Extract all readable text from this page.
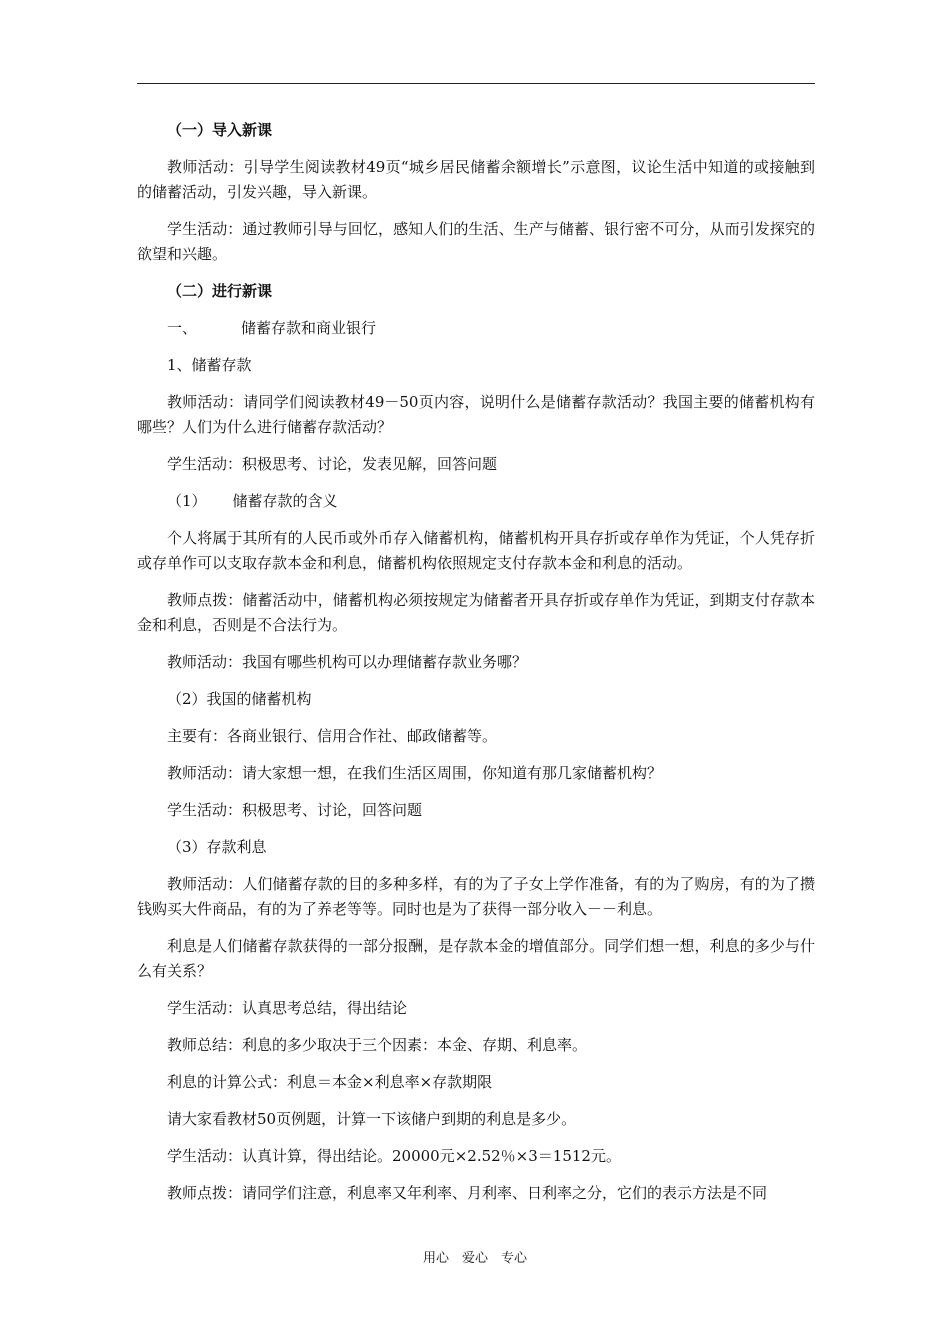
（一）导入新课

教师活动：引导学生阅读教材49页“城乡居民储蓄余额增长”示意图，议论生活中知道的或接触到的储蓄活动，引发兴趣，导入新课。

学生活动：通过教师引导与回忆，感知人们的生活、生产与储蓄、银行密不可分，从而引发探究的欲望和兴趣。

（二）进行新课

一、	储蓄存款和商业银行

1、储蓄存款

教师活动：请同学们阅读教材49－50页内容，说明什么是储蓄存款活动？我国主要的储蓄机构有哪些？人们为什么进行储蓄存款活动？

学生活动：积极思考、讨论，发表见解，回答问题

（1） 储蓄存款的含义

个人将属于其所有的人民币或外币存入储蓄机构，储蓄机构开具存折或存单作为凭证，个人凭存折或存单作可以支取存款本金和利息，储蓄机构依照规定支付存款本金和利息的活动。

教师点拨：储蓄活动中，储蓄机构必须按规定为储蓄者开具存折或存单作为凭证，到期支付存款本金和利息，否则是不合法行为。

教师活动：我国有哪些机构可以办理储蓄存款业务哪？

（2）我国的储蓄机构

主要有：各商业银行、信用合作社、邮政储蓄等。

教师活动：请大家想一想，在我们生活区周围，你知道有那几家储蓄机构？

学生活动：积极思考、讨论，回答问题

（3）存款利息

教师活动：人们储蓄存款的目的多种多样，有的为了子女上学作准备，有的为了购房，有的为了攒钱购买大件商品，有的为了养老等等。同时也是为了获得一部分收入－－利息。

利息是人们储蓄存款获得的一部分报酬，是存款本金的增值部分。同学们想一想，利息的多少与什么有关系？

学生活动：认真思考总结，得出结论

教师总结：利息的多少取决于三个因素：本金、存期、利息率。

利息的计算公式：利息＝本金×利息率×存款期限

请大家看教材50页例题，计算一下该储户到期的利息是多少。

学生活动：认真计算，得出结论。20000元×2.52％×3＝1512元。

教师点拨：请同学们注意，利息率又年利率、月利率、日利率之分，它们的表示方法是不同

用心　爱心　专心
